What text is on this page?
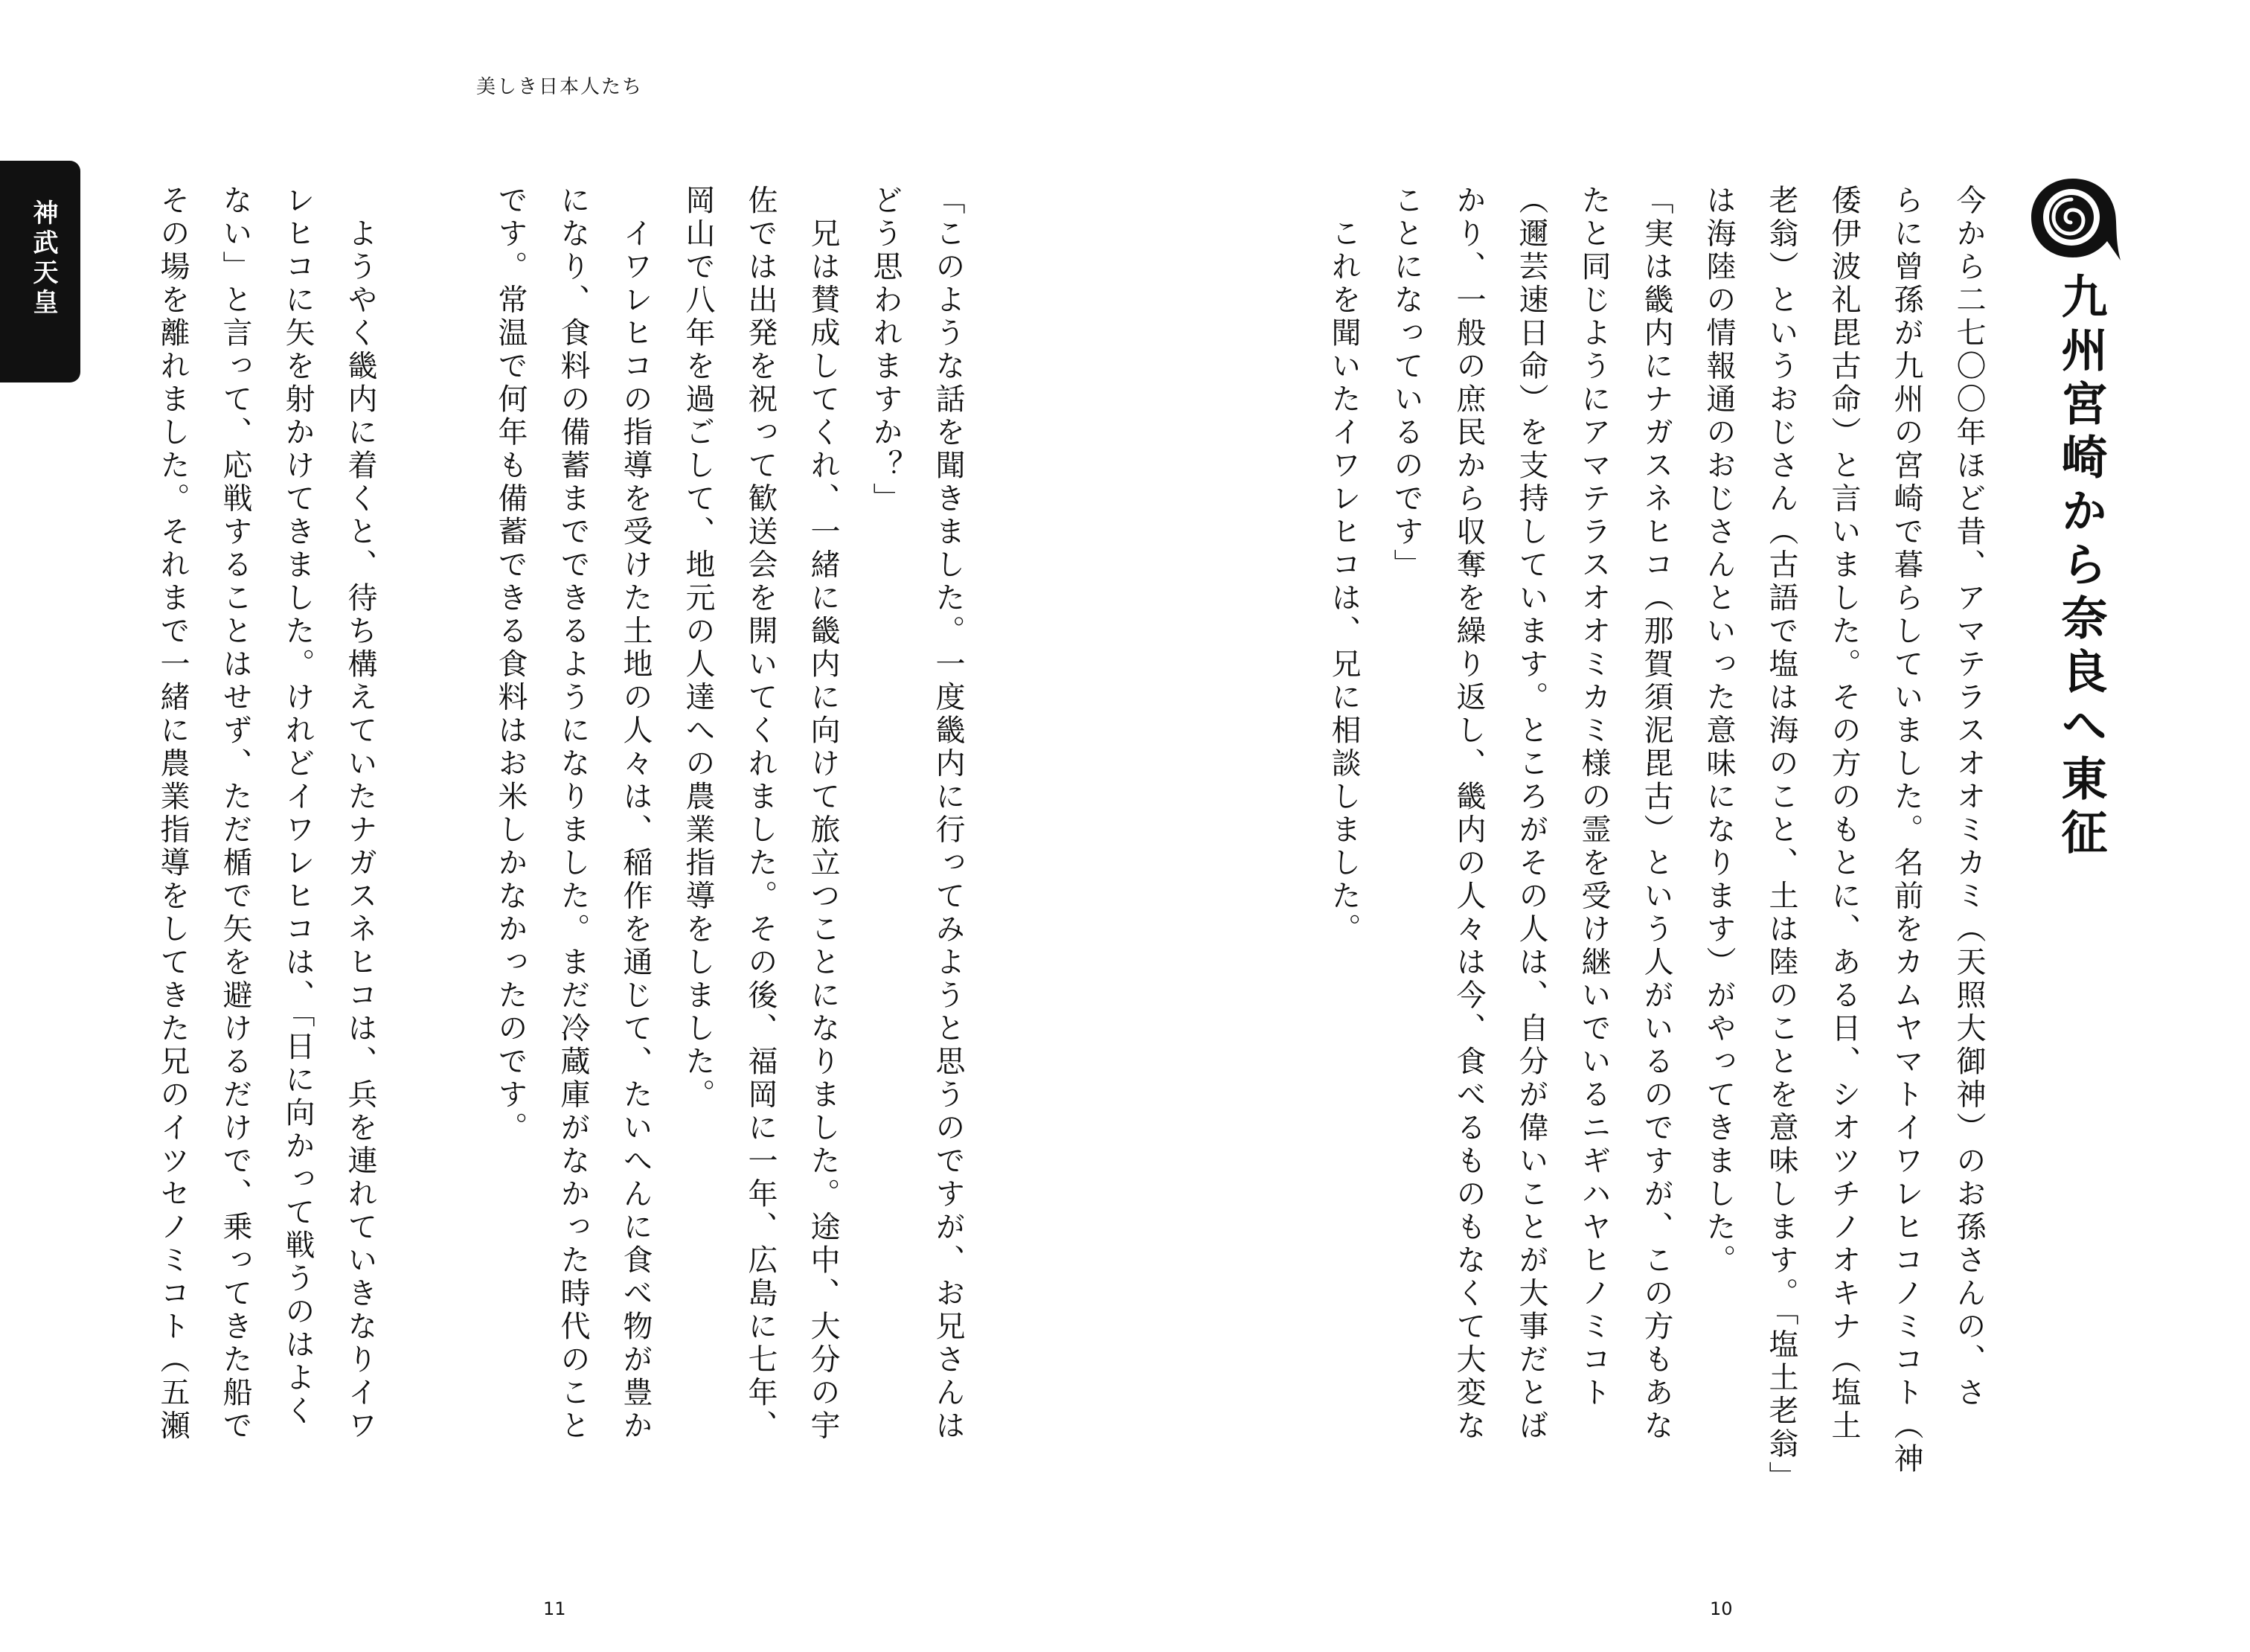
美しき日本人たち
神武天皇
九州宮崎から奈良へ東征
今から二七〇〇年ほど昔、アマテラスオオミカミ（天照大御神）のお孫さんの、さ
らに曾孫が九州の宮崎で暮らしていました。名前をカムヤマトイワレヒコノミコト（神
倭伊波礼毘古命）と言いました。その方のもとに、ある日、シオツチノオキナ（塩土
老翁）というおじさん（古語で塩は海のこと、土は陸のことを意味します。「塩土老翁」
は海陸の情報通のおじさんといった意味になります）がやってきました。
「実は畿内にナガスネヒコ（那賀須泥毘古）という人がいるのですが、この方もあな
たと同じようにアマテラスオオミカミ様の霊を受け継いでいるニギハヤヒノミコト
（邇芸速日命）を支持しています。ところがその人は、自分が偉いことが大事だとば
かり、一般の庶民から収奪を繰り返し、畿内の人々は今、食べるものもなくて大変な
ことになっているのです」
　これを聞いたイワレヒコは、兄に相談しました。
「このような話を聞きました。一度畿内に行ってみようと思うのですが、お兄さんは
どう思われますか？」
　兄は賛成してくれ、一緒に畿内に向けて旅立つことになりました。途中、大分の宇
佐では出発を祝って歓送会を開いてくれました。その後、福岡に一年、広島に七年、
岡山で八年を過ごして、地元の人達への農業指導をしました。
　イワレヒコの指導を受けた土地の人々は、稲作を通じて、たいへんに食べ物が豊か
になり、食料の備蓄までできるようになりました。まだ冷蔵庫がなかった時代のこと
です。常温で何年も備蓄できる食料はお米しかなかったのです。
　ようやく畿内に着くと、待ち構えていたナガスネヒコは、兵を連れていきなりイワ
レヒコに矢を射かけてきました。けれどイワレヒコは、「日に向かって戦うのはよく
ない」と言って、応戦することはせず、ただ楯で矢を避けるだけで、乗ってきた船で
その場を離れました。それまで一緒に農業指導をしてきた兄のイツセノミコト（五瀬
11	10
